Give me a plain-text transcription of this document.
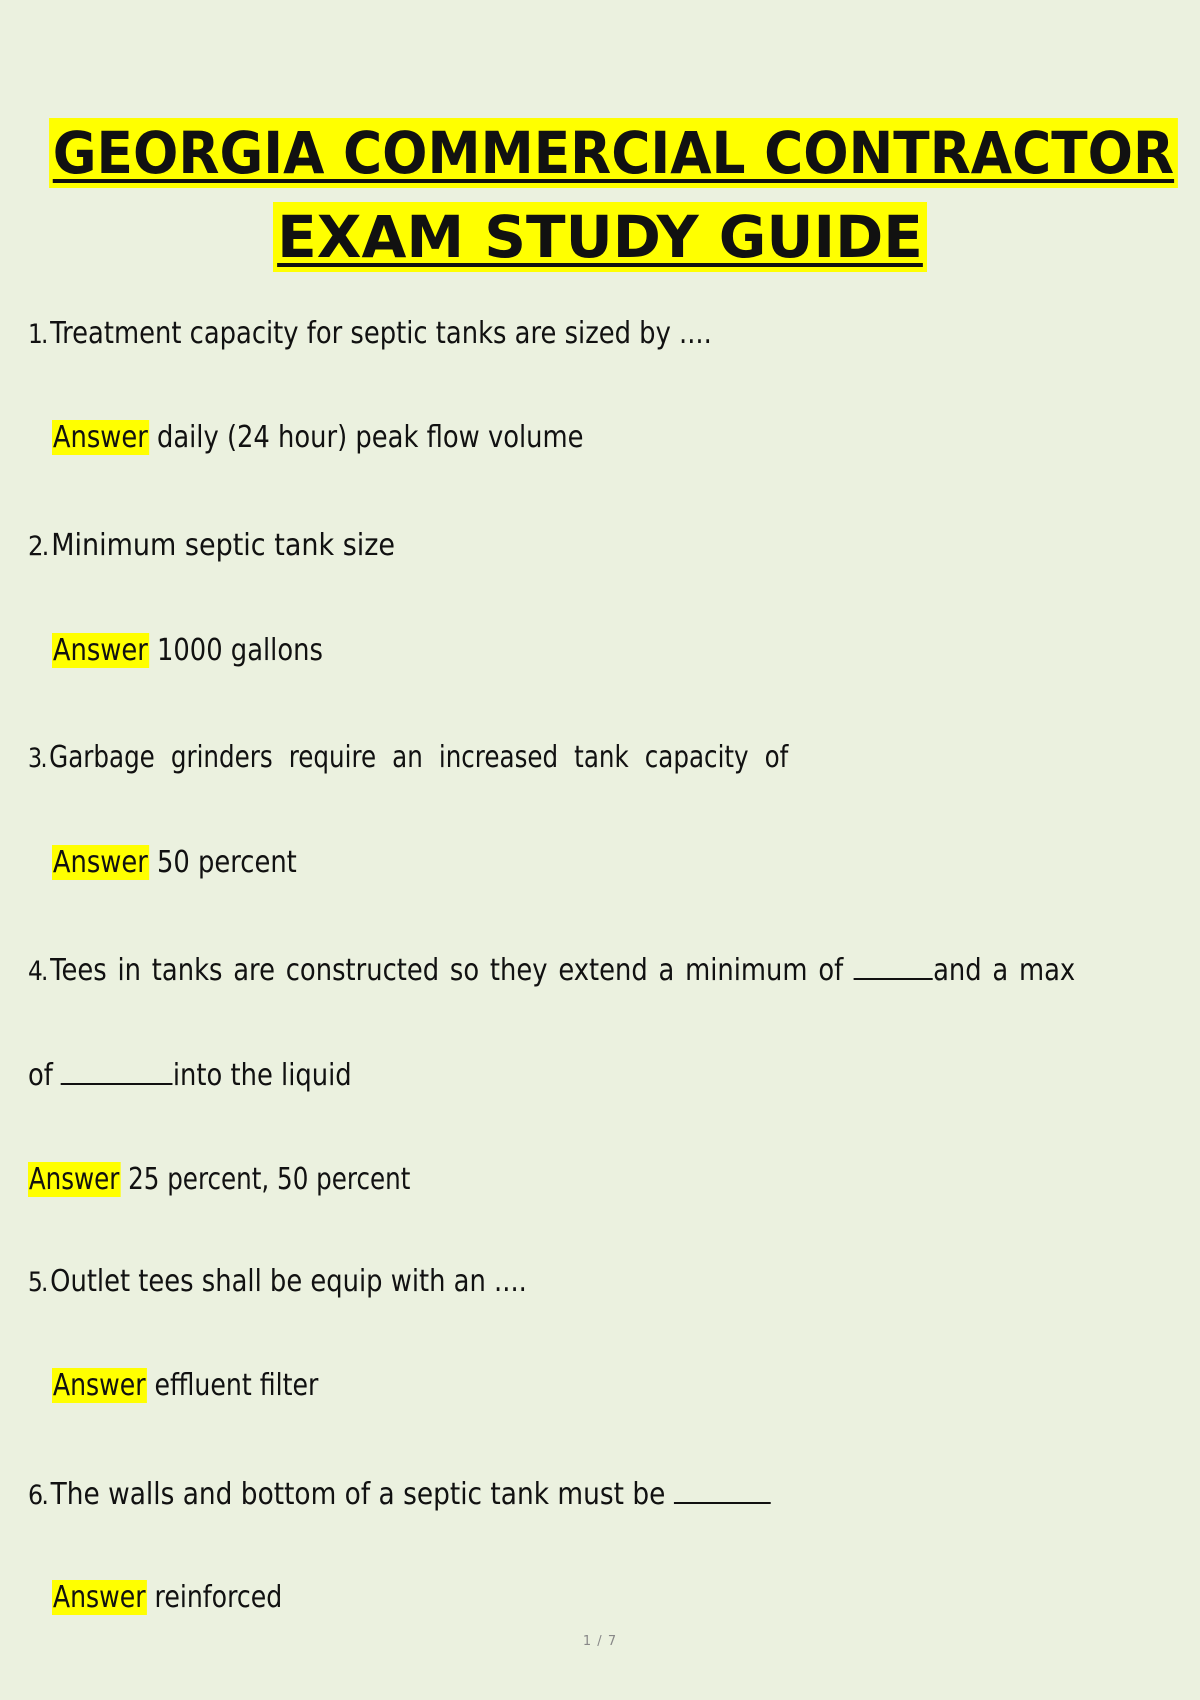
GEORGIA COMMERCIAL CONTRACTOR
EXAM STUDY GUIDE
1. Treatment capacity for septic tanks are sized by ....
Answer daily (24 hour) peak flow volume
2. Minimum septic tank size
Answer 1000 gallons
3. Garbage grinders require an increased tank capacity of
Answer 50 percent
4. Tees in tanks are constructed so they extend a minimum of	and a max
of	into the liquid
Answer 25 percent, 50 percent
5. Outlet tees shall be equip with an ....
Answer effluent filter
6. The walls and bottom of a septic tank must be
Answer reinforced
1 / 7
